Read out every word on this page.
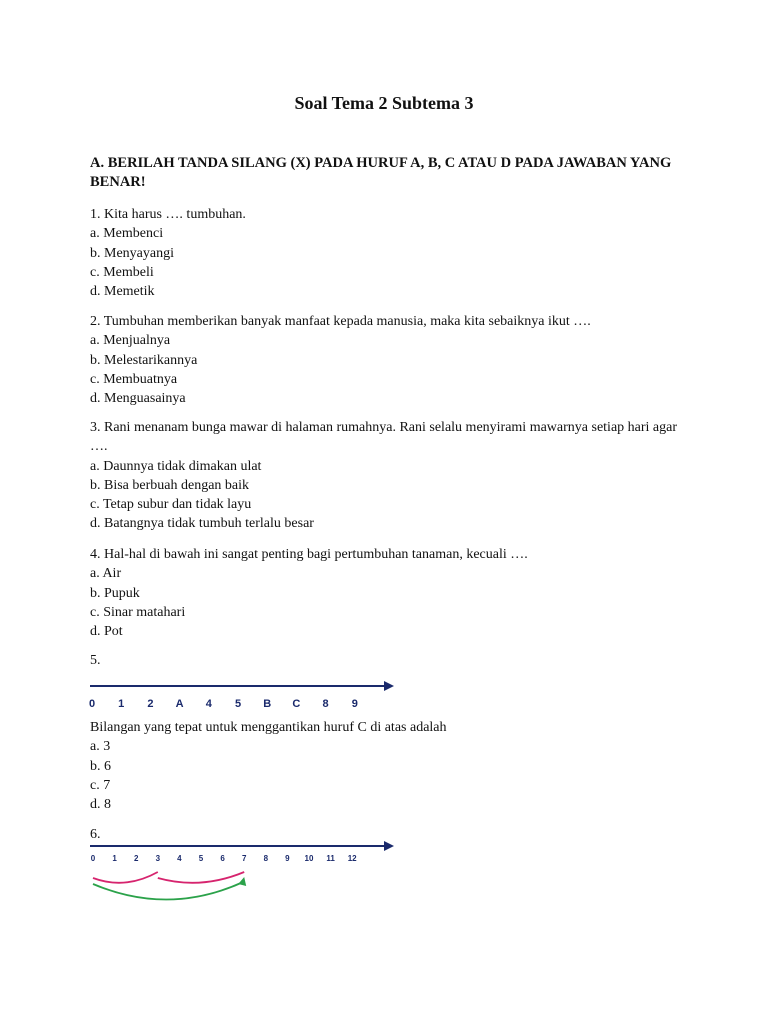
Soal Tema 2 Subtema 3
A. BERILAH TANDA SILANG (X) PADA HURUF A, B, C ATAU D PADA JAWABAN YANG BENAR!
1. Kita harus …. tumbuhan.
a. Membenci
b. Menyayangi
c. Membeli
d. Memetik
2. Tumbuhan memberikan banyak manfaat kepada manusia, maka kita sebaiknya ikut ….
a. Menjualnya
b. Melestarikannya
c. Membuatnya
d. Menguasainya
3. Rani menanam bunga mawar di halaman rumahnya. Rani selalu menyirami mawarnya setiap hari agar ….
a. Daunnya tidak dimakan ulat
b. Bisa berbuah dengan baik
c. Tetap subur dan tidak layu
d. Batangnya tidak tumbuh terlalu besar
4. Hal-hal di bawah ini sangat penting bagi pertumbuhan tanaman, kecuali ….
a. Air
b. Pupuk
c. Sinar matahari
d. Pot
5.
0 1 2 A 4 5 B C 8 9
Bilangan yang tepat untuk menggantikan huruf C di atas adalah
a. 3
b. 6
c. 7
d. 8
6.
0 1 2 3 4 5 6 7 8 9 10 11 12
